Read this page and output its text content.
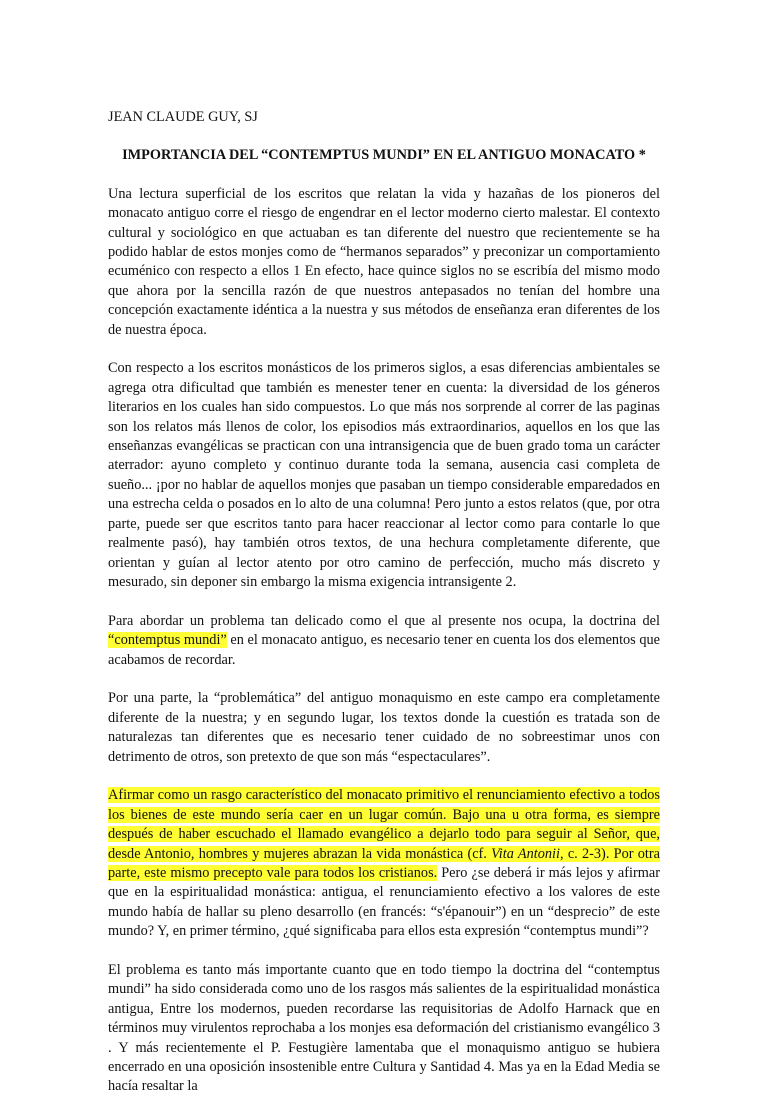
JEAN CLAUDE GUY, SJ
IMPORTANCIA DEL “CONTEMPTUS MUNDI” EN EL ANTIGUO MONACATO *

Una lectura superficial de los escritos que relatan la vida y hazañas de los pioneros del monacato antiguo corre el riesgo de engendrar en el lector moderno cierto malestar. El contexto cultural y sociológico en que actuaban es tan diferente del nuestro que recientemente se ha podido hablar de estos monjes como de “hermanos separados” y preconizar un comportamiento ecuménico con respecto a ellos 1 En efecto, hace quince siglos no se escribía del mismo modo que ahora por la sencilla razón de que nuestros antepasados no tenían del hombre una concepción exactamente idéntica a la nuestra y sus métodos de enseñanza eran diferentes de los de nuestra época.

Con respecto a los escritos monásticos de los primeros siglos, a esas diferencias ambientales se agrega otra dificultad que también es menester tener en cuenta: la diversidad de los géneros literarios en los cuales han sido compuestos. Lo que más nos sorprende al correr de las paginas son los relatos más llenos de color, los episodios más extraordinarios, aquellos en los que las enseñanzas evangélicas se practican con una intransigencia que de buen grado toma un carácter aterrador: ayuno completo y continuo durante toda la semana, ausencia casi completa de sueño... ¡por no hablar de aquellos monjes que pasaban un tiempo considerable emparedados en una estrecha celda o posados en lo alto de una columna! Pero junto a estos relatos (que, por otra parte, puede ser que escritos tanto para hacer reaccionar al lector como para contarle lo que realmente pasó), hay también otros textos, de una hechura completamente diferente, que orientan y guían al lector atento por otro camino de perfección, mucho más discreto y mesurado, sin deponer sin embargo la misma exigencia intransigente 2.

Para abordar un problema tan delicado como el que al presente nos ocupa, la doctrina del “contemptus mundi” en el monacato antiguo, es necesario tener en cuenta los dos elementos que acabamos de recordar.

Por una parte, la “problemática” del antiguo monaquismo en este campo era completamente diferente de la nuestra; y en segundo lugar, los textos donde la cuestión es tratada son de naturalezas tan diferentes que es necesario tener cuidado de no sobreestimar unos con detrimento de otros, son pretexto de que son más “espectaculares”.

Afirmar como un rasgo característico del monacato primitivo el renunciamiento efectivo a todos los bienes de este mundo sería caer en un lugar común. Bajo una u otra forma, es siempre después de haber escuchado el llamado evangélico a dejarlo todo para seguir al Señor, que, desde Antonio, hombres y mujeres abrazan la vida monástica (cf. Vita Antonii, c. 2-3). Por otra parte, este mismo precepto vale para todos los cristianos. Pero ¿se deberá ir más lejos y afirmar que en la espiritualidad monástica: antigua, el renunciamiento efectivo a los valores de este mundo había de hallar su pleno desarrollo (en francés: “s'épanouir”) en un “desprecio” de este mundo? Y, en primer término, ¿qué significaba para ellos esta expresión “contemptus mundi”?

El problema es tanto más importante cuanto que en todo tiempo la doctrina del “contemptus mundi” ha sido considerada como uno de los rasgos más salientes de la espiritualidad monástica antigua, Entre los modernos, pueden recordarse las requisitorias de Adolfo Harnack que en términos muy virulentos reprochaba a los monjes esa deformación del cristianismo evangélico 3 . Y más recientemente el P. Festugière lamentaba que el monaquismo antiguo se hubiera encerrado en una oposición insostenible entre Cultura y Santidad 4. Mas ya en la Edad Media se hacía resaltar la
